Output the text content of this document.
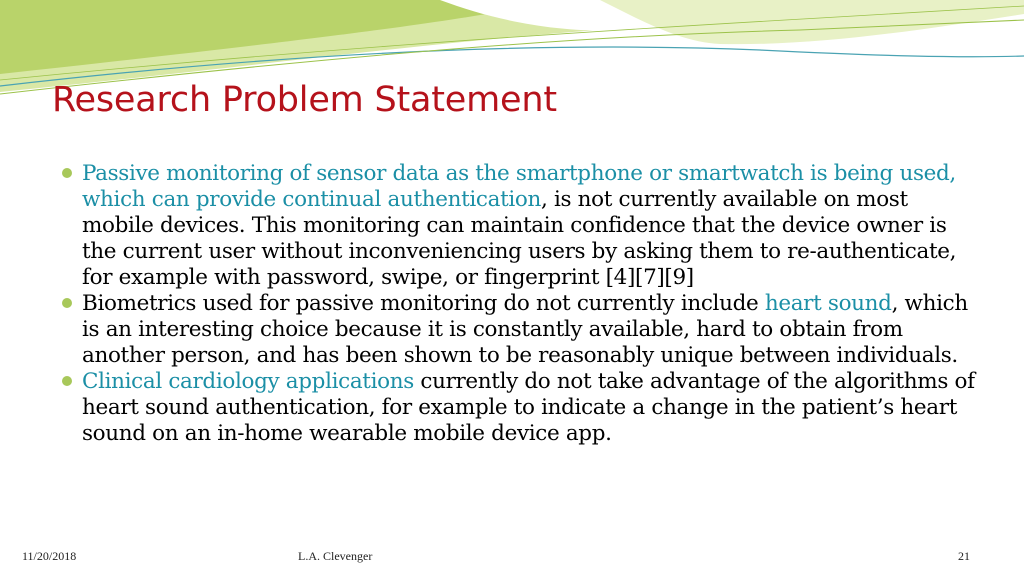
Research Problem Statement
Passive monitoring of sensor data as the smartphone or smartwatch is being used, which can provide continual authentication, is not currently available on most mobile devices. This monitoring can maintain confidence that the device owner is the current user without inconveniencing users by asking them to re-authenticate, for example with password, swipe, or fingerprint [4][7][9]
Biometrics used for passive monitoring do not currently include heart sound, which is an interesting choice because it is constantly available, hard to obtain from another person, and has been shown to be reasonably unique between individuals.
Clinical cardiology applications currently do not take advantage of the algorithms of heart sound authentication, for example to indicate a change in the patient’s heart sound on an in-home wearable mobile device app.
11/20/2018	L.A. Clevenger	21
